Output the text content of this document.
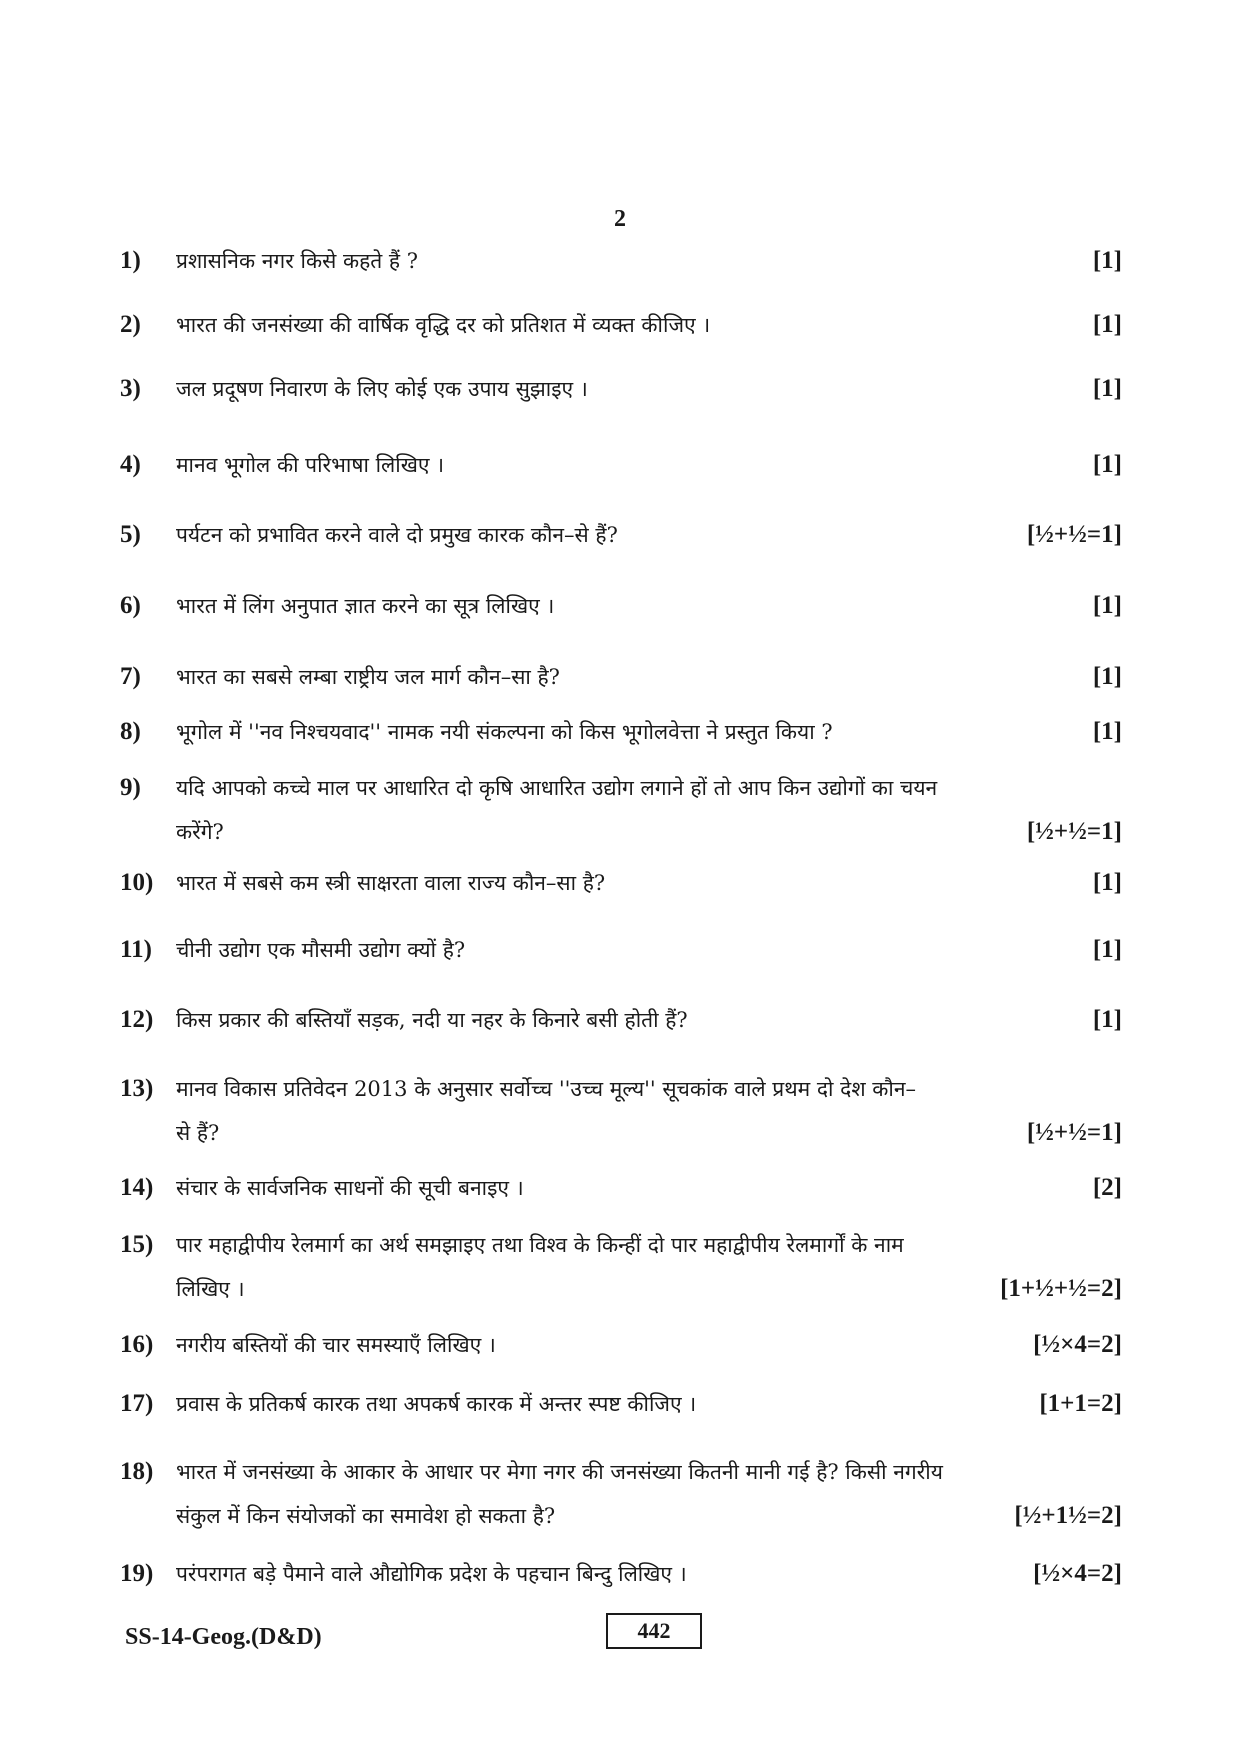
2
1) प्रशासनिक नगर किसे कहते हैं ?	[1]
2) भारत की जनसंख्या की वार्षिक वृद्धि दर को प्रतिशत में व्यक्त कीजिए ।	[1]
3) जल प्रदूषण निवारण के लिए कोई एक उपाय सुझाइए ।	[1]
4) मानव भूगोल की परिभाषा लिखिए ।	[1]
5) पर्यटन को प्रभावित करने वाले दो प्रमुख कारक कौन–से हैं?	[½+½=1]
6) भारत में लिंग अनुपात ज्ञात करने का सूत्र लिखिए ।	[1]
7) भारत का सबसे लम्बा राष्ट्रीय जल मार्ग कौन–सा है?	[1]
8) भूगोल में ''नव निश्चयवाद'' नामक नयी संकल्पना को किस भूगोलवेत्ता ने प्रस्तुत किया ?	[1]
9) यदि आपको कच्चे माल पर आधारित दो कृषि आधारित उद्योग लगाने हों तो आप किन उद्योगों का चयन
करेंगे?	[½+½=1]
10) भारत में सबसे कम स्त्री साक्षरता वाला राज्य कौन–सा है?	[1]
11) चीनी उद्योग एक मौसमी उद्योग क्यों है?	[1]
12) किस प्रकार की बस्तियाँ सड़क, नदी या नहर के किनारे बसी होती हैं?	[1]
13) मानव विकास प्रतिवेदन 2013 के अनुसार सर्वोच्च ''उच्च मूल्य'' सूचकांक वाले प्रथम दो देश कौन–
से हैं?	[½+½=1]
14) संचार के सार्वजनिक साधनों की सूची बनाइए ।	[2]
15) पार महाद्वीपीय रेलमार्ग का अर्थ समझाइए तथा विश्व के किन्हीं दो पार महाद्वीपीय रेलमार्गों के नाम
लिखिए ।	[1+½+½=2]
16) नगरीय बस्तियों की चार समस्याएँ लिखिए ।	[½×4=2]
17) प्रवास के प्रतिकर्ष कारक तथा अपकर्ष कारक में अन्तर स्पष्ट कीजिए ।	[1+1=2]
18) भारत में जनसंख्या के आकार के आधार पर मेगा नगर की जनसंख्या कितनी मानी गई है? किसी नगरीय
संकुल में किन संयोजकों का समावेश हो सकता है?	[½+1½=2]
19) परंपरागत बड़े पैमाने वाले औद्योगिक प्रदेश के पहचान बिन्दु लिखिए ।	[½×4=2]
SS-14-Geog.(D&D)	442
